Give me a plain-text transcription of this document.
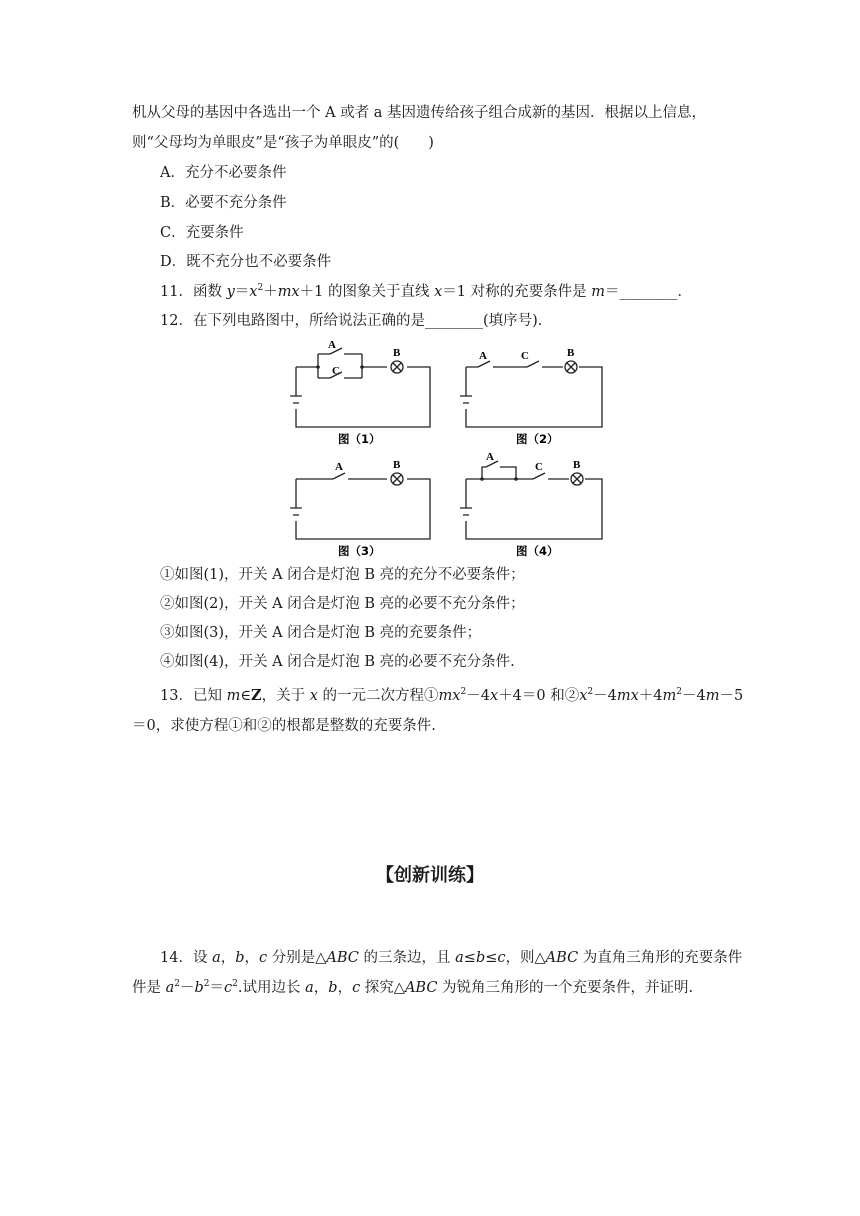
机从父母的基因中各选出一个 A 或者 a 基因遗传给孩子组合成新的基因．根据以上信息，
则“父母均为单眼皮”是“孩子为单眼皮”的(　　)
A．充分不必要条件
B．必要不充分条件
C．充要条件
D．既不充分也不必要条件
11．函数 $y=x^2+mx+1$ 的图象关于直线 x＝1 对称的充要条件是 m＝________．
12．在下列电路图中，所给说法正确的是________(填序号).
A
C
B	A	C	B
A	B
A
C	B
图（1）	图（2）
图（3）	图（4）
①如图(1)，开关 A 闭合是灯泡 B 亮的充分不必要条件；
②如图(2)，开关 A 闭合是灯泡 B 亮的必要不充分条件；
③如图(3)，开关 A 闭合是灯泡 B 亮的充要条件；
④如图(4)，开关 A 闭合是灯泡 B 亮的必要不充分条件.
13．已知 m∈Z，关于 x 的一元二次方程$①mx^2-4x+4=0$ 和$②x^2-4mx+4m^2-4m-5$
＝0，求使方程①和②的根都是整数的充要条件.
【创新训练】
14．设 a，b，c 分别是△ABC 的三条边，且 a≤b≤c，则△ABC 为直角三角形的充要条件
件是 $a^2-b^2=c^2$.试用边长 a，b，c 探究△ABC 为锐角三角形的一个充要条件，并证明.
